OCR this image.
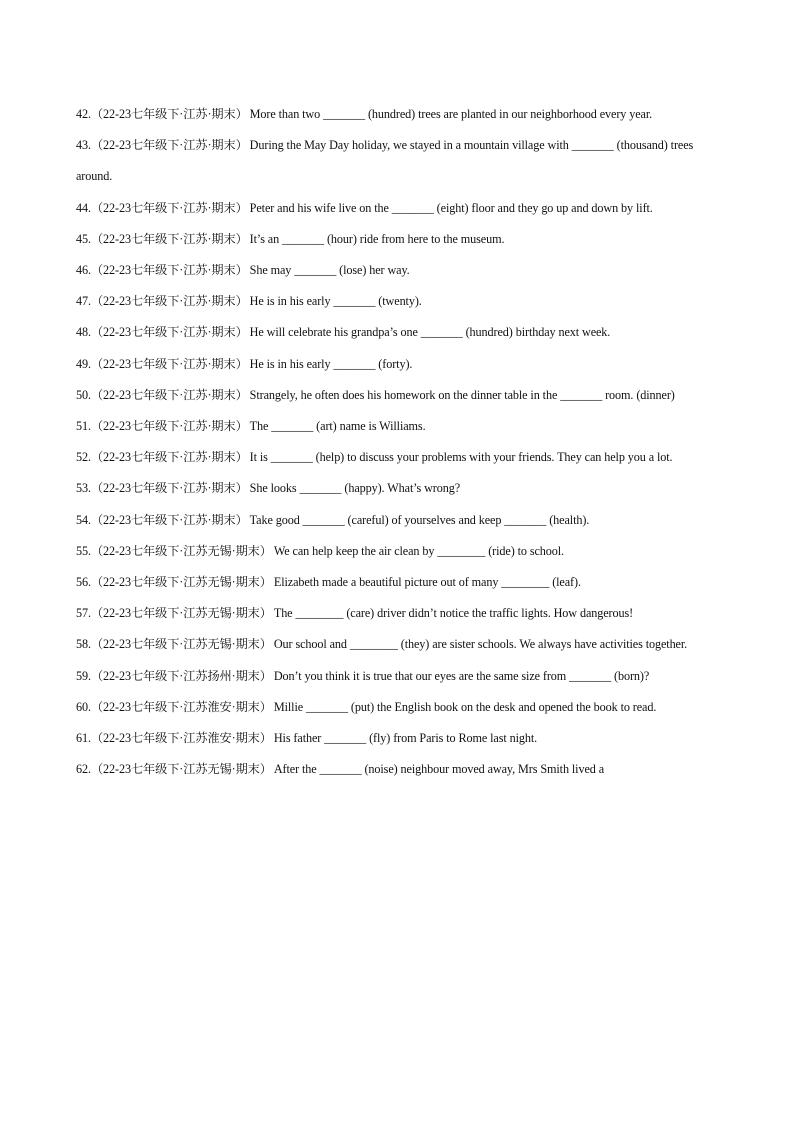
42.（22-23七年级下·江苏·期末） More than two _______ (hundred) trees are planted in our neighborhood every year.

43.（22-23七年级下·江苏·期末） During the May Day holiday, we stayed in a mountain village with _______ (thousand) trees around.

44.（22-23七年级下·江苏·期末） Peter and his wife live on the _______ (eight) floor and they go up and down by lift.

45.（22-23七年级下·江苏·期末） It’s an _______ (hour) ride from here to the museum.

46.（22-23七年级下·江苏·期末） She may _______ (lose) her way.

47.（22-23七年级下·江苏·期末） He is in his early _______ (twenty).

48.（22-23七年级下·江苏·期末） He will celebrate his grandpa’s one _______ (hundred) birthday next week.

49.（22-23七年级下·江苏·期末） He is in his early _______ (forty).

50.（22-23七年级下·江苏·期末） Strangely, he often does his homework on the dinner table in the _______ room. (dinner)

51.（22-23七年级下·江苏·期末） The _______ (art) name is Williams.

52.（22-23七年级下·江苏·期末） It is _______ (help) to discuss your problems with your friends. They can help you a lot.

53.（22-23七年级下·江苏·期末） She looks _______ (happy). What’s wrong?

54.（22-23七年级下·江苏·期末） Take good _______ (careful) of yourselves and keep _______ (health).

55.（22-23七年级下·江苏无锡·期末） We can help keep the air clean by ________ (ride) to school.

56.（22-23七年级下·江苏无锡·期末） Elizabeth made a beautiful picture out of many ________ (leaf).

57.（22-23七年级下·江苏无锡·期末） The ________ (care) driver didn’t notice the traffic lights. How dangerous!

58.（22-23七年级下·江苏无锡·期末） Our school and ________ (they) are sister schools. We always have activities together.

59.（22-23七年级下·江苏扬州·期末） Don’t you think it is true that our eyes are the same size from _______ (born)?

60.（22-23七年级下·江苏淮安·期末） Millie _______ (put) the English book on the desk and opened the book to read.

61.（22-23七年级下·江苏淮安·期末） His father _______ (fly) from Paris to Rome last night.

62.（22-23七年级下·江苏无锡·期末） After the _______ (noise) neighbour moved away, Mrs Smith lived a
